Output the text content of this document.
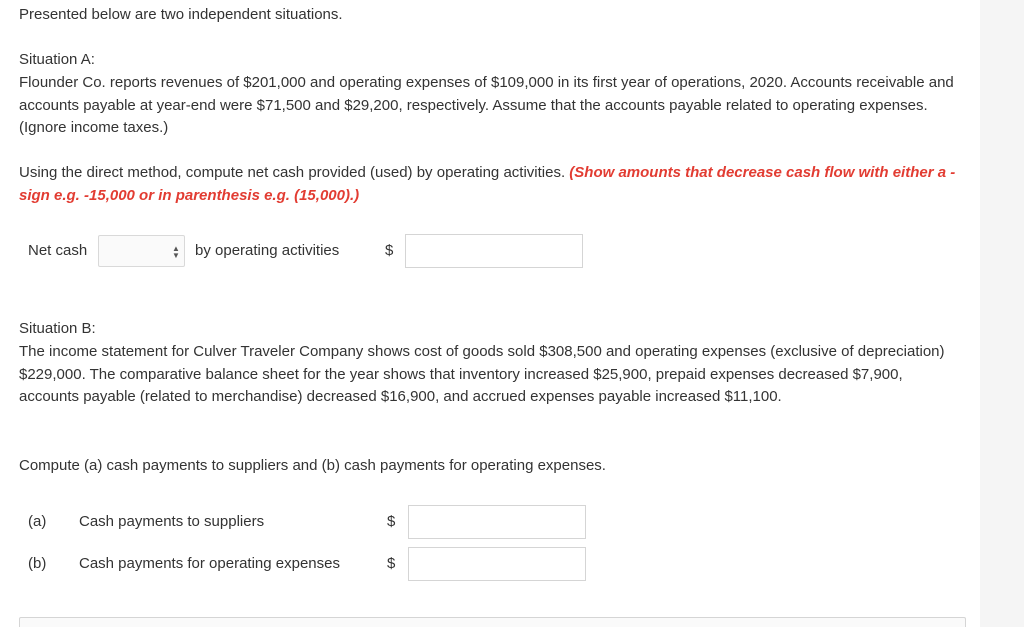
Presented below are two independent situations.

Situation A:

Flounder Co. reports revenues of $201,000 and operating expenses of $109,000 in its first year of operations, 2020. Accounts receivable and accounts payable at year-end were $71,500 and $29,200, respectively. Assume that the accounts payable related to operating expenses. (Ignore income taxes.)

Using the direct method, compute net cash provided (used) by operating activities. (Show amounts that decrease cash flow with either a - sign e.g. -15,000 or in parenthesis e.g. (15,000).)

Net cash	▲
▼ by operating activities	$

Situation B:

The income statement for Culver Traveler Company shows cost of goods sold $308,500 and operating expenses (exclusive of depreciation) $229,000. The comparative balance sheet for the year shows that inventory increased $25,900, prepaid expenses decreased $7,900, accounts payable (related to merchandise) decreased $16,900, and accrued expenses payable increased $11,100.

Compute (a) cash payments to suppliers and (b) cash payments for operating expenses.

(a)	Cash payments to suppliers	$
(b)	Cash payments for operating expenses	$
